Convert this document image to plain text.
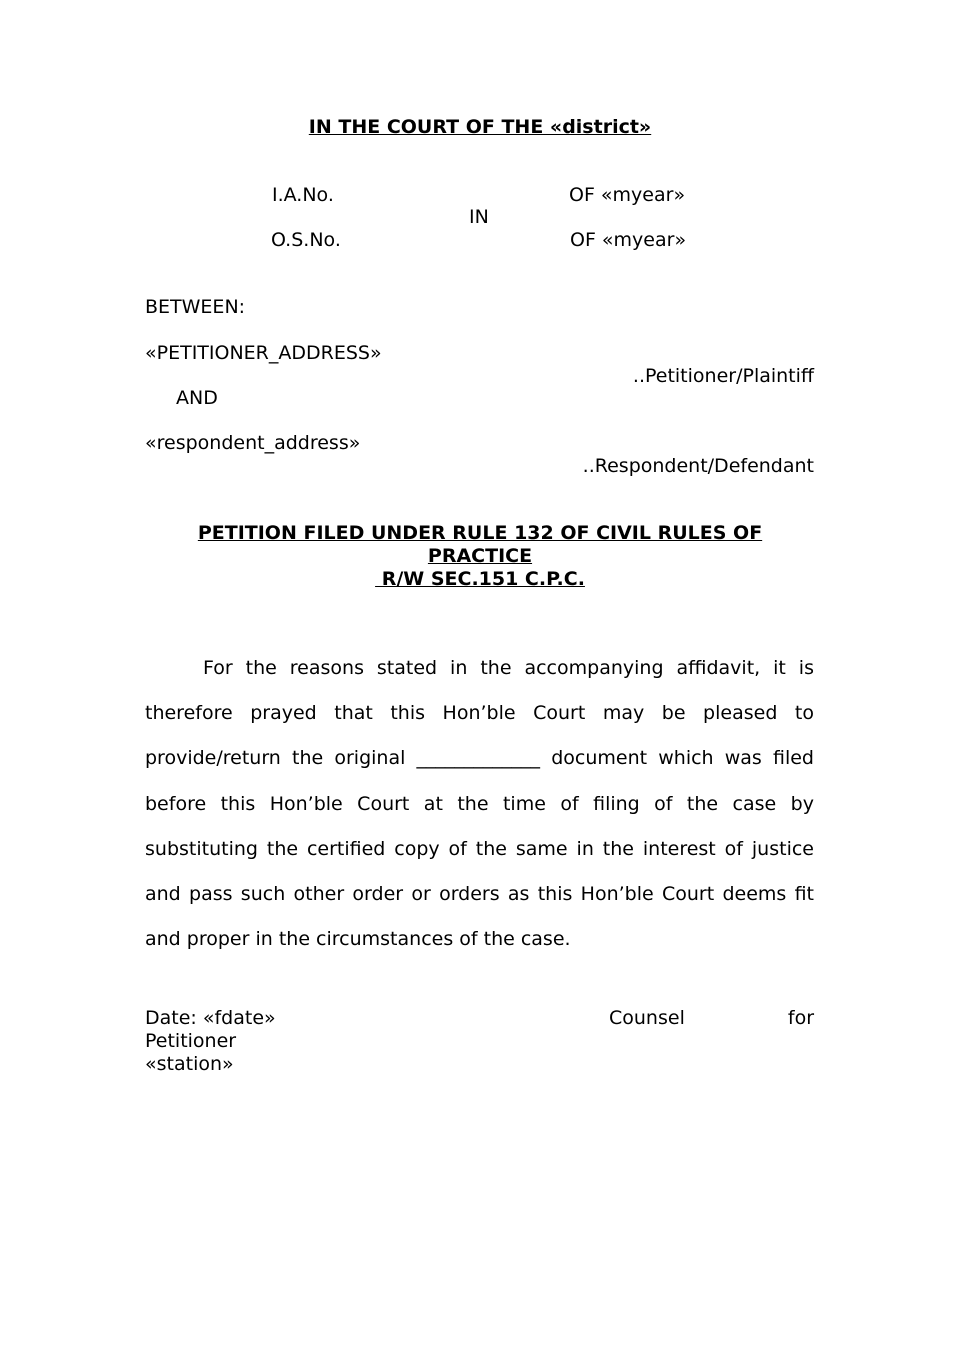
IN THE COURT OF THE «district»
I.A.No.	OF «myear»
IN
O.S.No.	OF «myear»
BETWEEN:
«PETITIONER_ADDRESS»
..Petitioner/Plaintiff
AND
«respondent_address»
..Respondent/Defendant
PETITION FILED UNDER RULE 132 OF CIVIL RULES OF
PRACTICE
R/W SEC.151 C.P.C.
For the reasons stated in the accompanying affidavit, it is
therefore prayed that this Hon’ble Court may be pleased to
provide/return the original _____________ document which was filed
before this Hon’ble Court at the time of filing of the case by
substituting the certified copy of the same in the interest of justice
and pass such other order or orders as this Hon’ble Court deems fit
and proper in the circumstances of the case.
Date: «fdate»	Counsel	for
Petitioner
«station»
